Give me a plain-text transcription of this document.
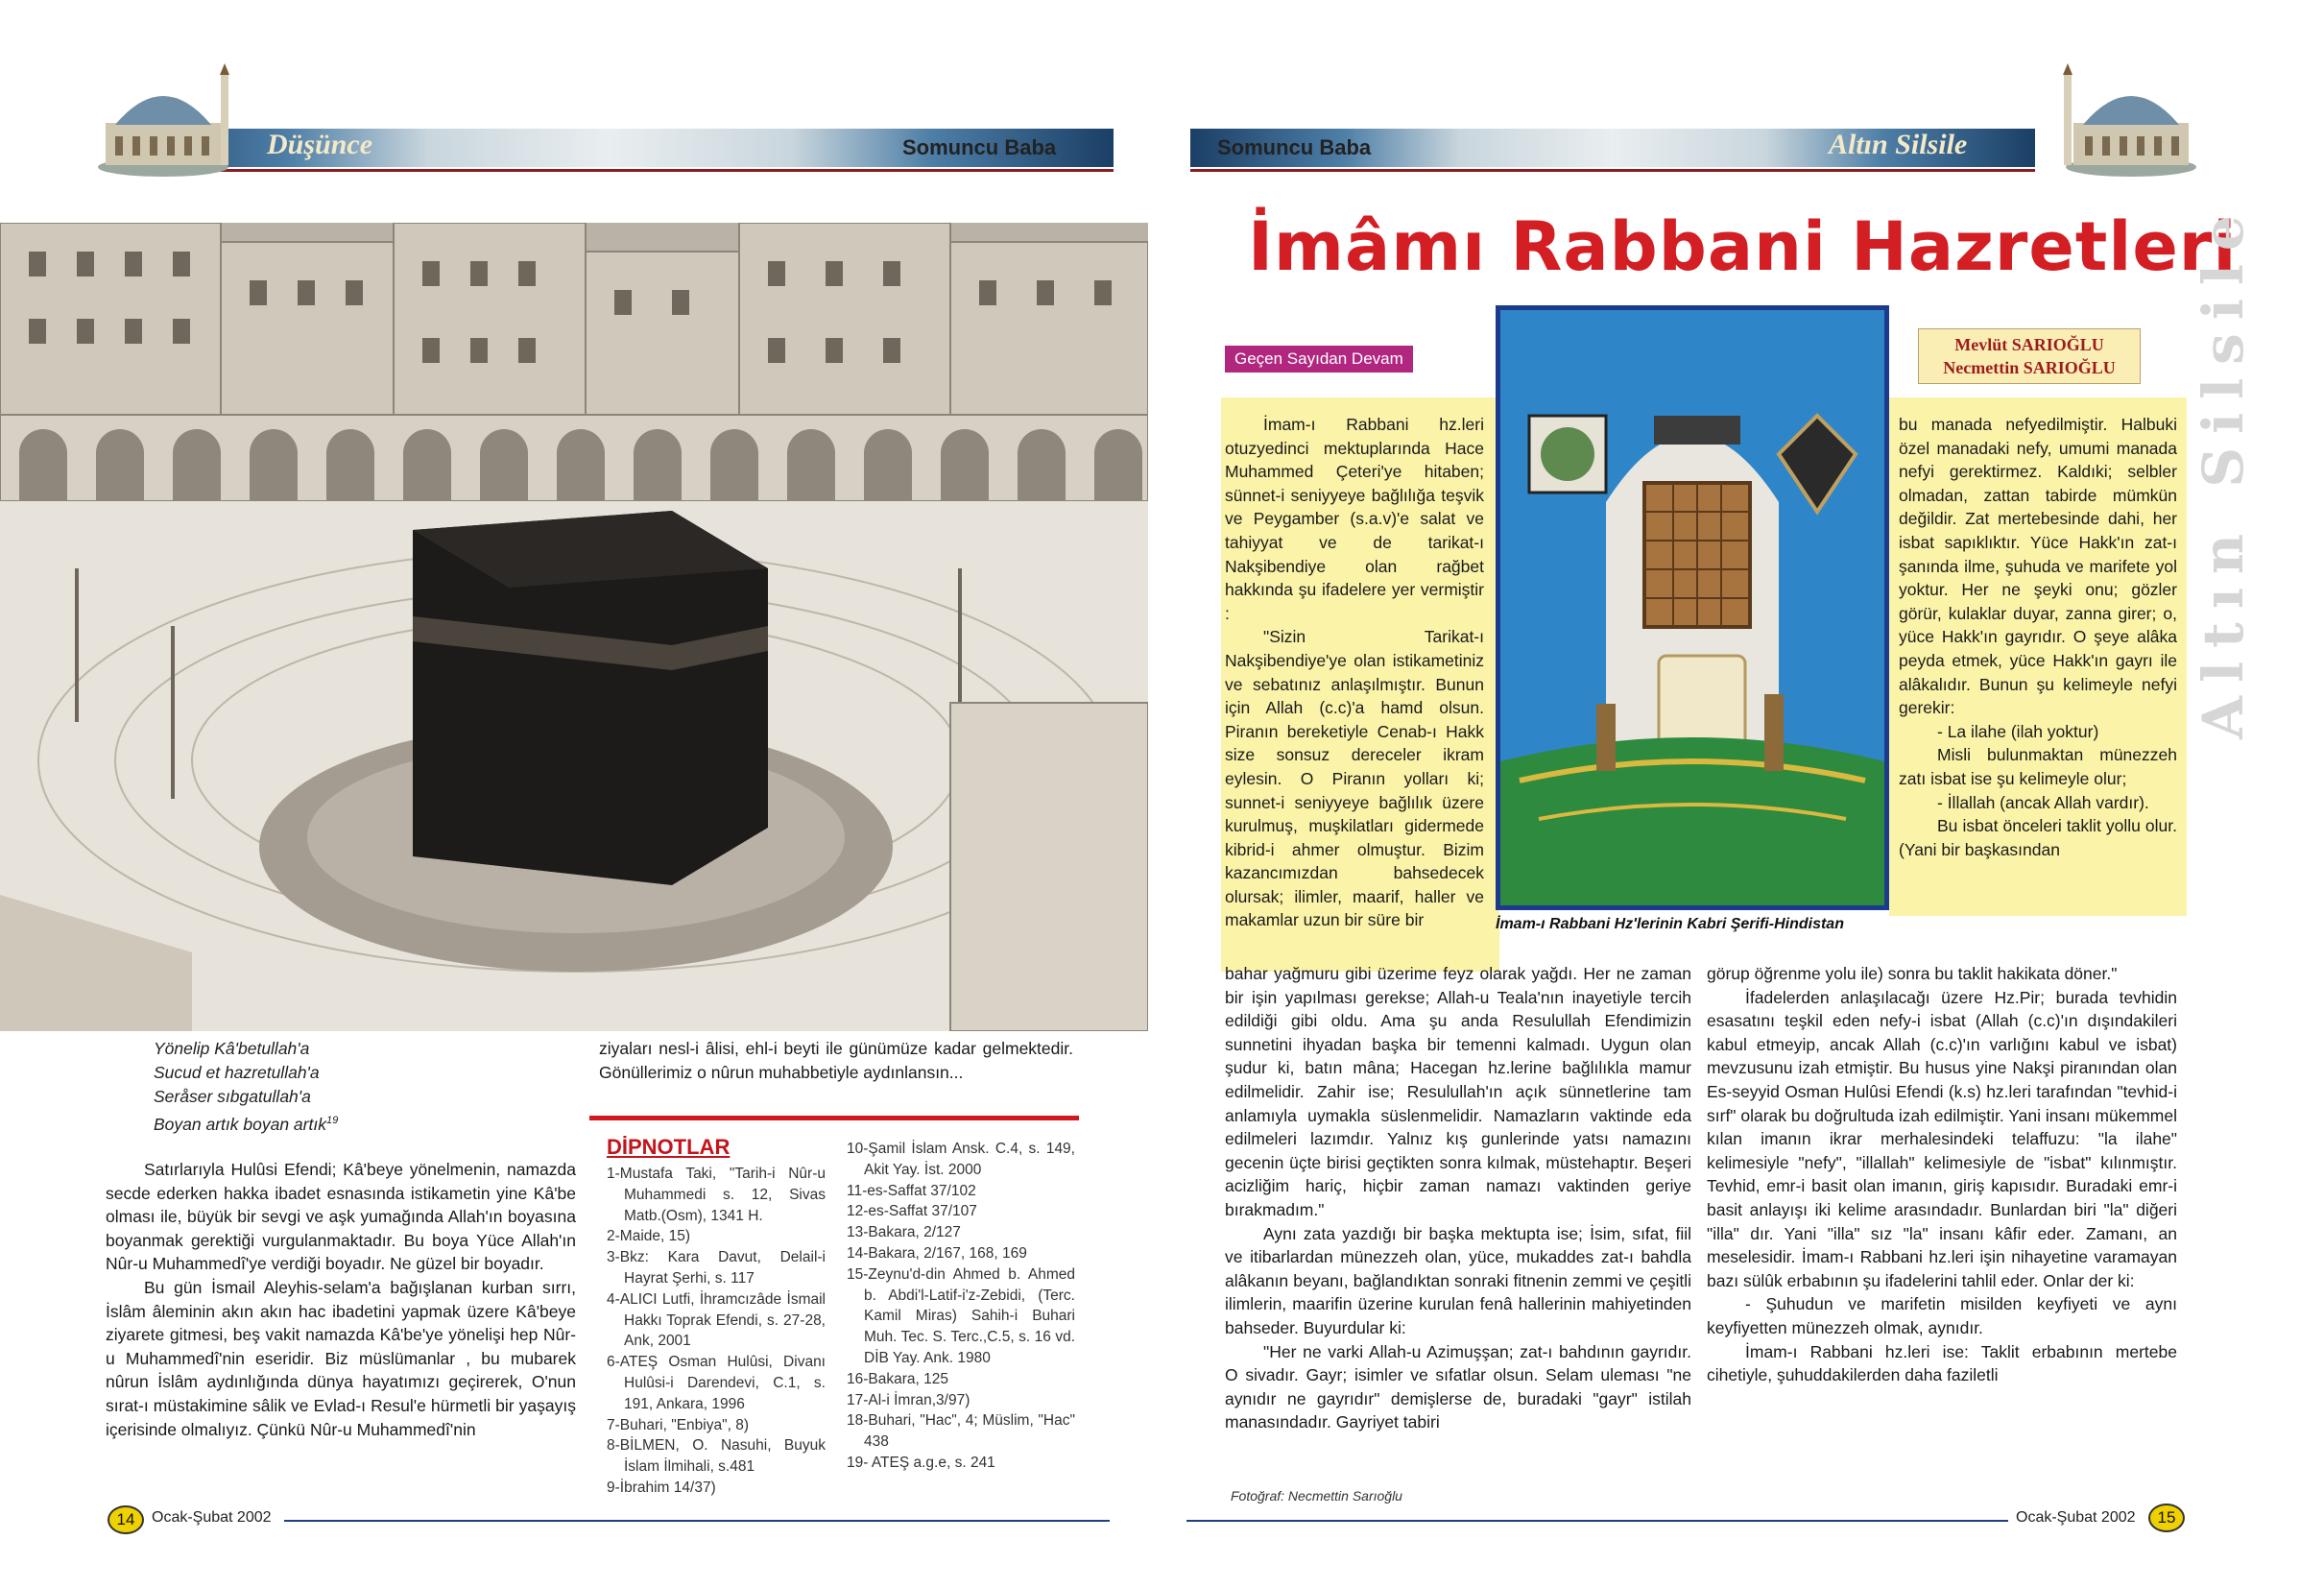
Düşünce	Somuncu Baba	Somuncu Baba	Altın Silsile
Yönelip Kâ'betullah'a
Sucud et hazretullah'a
Seråser sıbgatullah'a
Boyan artık boyan artık$^{19}$

Satırlarıyla Hulûsi Efendi; Kâ'beye yönelmenin, namazda secde ederken hakka ibadet esnasında istikametin yine Kâ'be olması ile, büyük bir sevgi ve aşk yumağında Allah'ın boyasına boyanmak gerektiği vurgulanmaktadır. Bu boya Yüce Allah'ın Nûr-u Muhammedî'ye verdiği boyadır. Ne güzel bir boyadır.

Bu gün İsmail Aleyhis-selam'a bağışlanan kurban sırrı, İslâm âleminin akın akın hac ibadetini yapmak üzere Kâ'beye ziyarete gitmesi, beş vakit namazda Kâ'be'ye yönelişi hep Nûr-u Muhammedî'nin eseridir. Biz müslümanlar , bu mubarek nûrun İslâm aydınlığında dünya hayatımızı geçirerek, O'nun sırat-ı müstakimine sâlik ve Evlad-ı Resul'e hürmetli bir yaşayış içerisinde olmalıyız. Çünkü Nûr-u Muhammedî'nin

ziyaları nesl-i âlisi, ehl-i beyti ile günümüze kadar gelmektedir. Gönüllerimiz o nûrun muhabbetiyle aydınlansın...

DİPNOTLAR
1-Mustafa Taki, "Tarih-i Nûr-u Muhammedi s. 12, Sivas Matb.(Osm), 1341 H.
2-Maide, 15)
3-Bkz: Kara Davut, Delail-i Hayrat Şerhi, s. 117
4-ALICI Lutfi, İhramcızâde İsmail Hakkı Toprak Efendi, s. 27-28, Ank, 2001
6-ATEŞ Osman Hulûsi, Divanı Hulûsi-i Darendevi, C.1, s. 191, Ankara, 1996
7-Buhari, "Enbiya", 8)
8-BİLMEN, O. Nasuhi, Buyuk İslam İlmihali, s.481
9-İbrahim 14/37)
10-Şamil İslam Ansk. C.4, s. 149, Akit Yay. İst. 2000
11-es-Saffat 37/102
12-es-Saffat 37/107
13-Bakara, 2/127
14-Bakara, 2/167, 168, 169
15-Zeynu'd-din Ahmed b. Ahmed b. Abdi'l-Latif-i'z-Zebidi, (Terc. Kamil Miras) Sahih-i Buhari Muh. Tec. S. Terc.,C.5, s. 16 vd. DİB Yay. Ank. 1980
16-Bakara, 125
17-Al-i İmran,3/97)
18-Buhari, "Hac", 4; Müslim, "Hac" 438
19- ATEŞ a.g.e, s. 241
14	Ocak-Şubat 2002
İmâmı Rabbani Hazretleri
Altın Silsile
Geçen Sayıdan Devam
Mevlüt SARIOĞLU
Necmettin SARIOĞLU
İmam-ı Rabbani Hz'lerinin Kabri Şerifi-Hindistan

İmam-ı Rabbani hz.leri otuzyedinci mektuplarında Hace Muhammed Çeteri'ye hitaben; sünnet-i seniyyeye bağlılığa teşvik ve Peygamber (s.a.v)'e salat ve tahiyyat ve de tarikat-ı Nakşibendiye olan rağbet hakkında şu ifadelere yer vermiştir :

"Sizin Tarikat-ı Nakşibendiye'ye olan istikametiniz ve sebatınız anlaşılmıştır. Bunun için Allah (c.c)'a hamd olsun. Piranın bereketiyle Cenab-ı Hakk size sonsuz dereceler ikram eylesin. O Piranın yolları ki; sunnet-i seniyyeye bağlılık üzere kurulmuş, muşkilatları gidermede kibrid-i ahmer olmuştur. Bizim kazancımızdan bahsedecek olursak; ilimler, maarif, haller ve makamlar uzun bir süre bir

bahar yağmuru gibi üzerime feyz olarak yağdı. Her ne zaman bir işin yapılması gerekse; Allah-u Teala'nın inayetiyle tercih edildiği gibi oldu. Ama şu anda Resulullah Efendimizin sunnetini ihyadan başka bir temenni kalmadı. Uygun olan şudur ki, batın mâna; Hacegan hz.lerine bağlılıkla mamur edilmelidir. Zahir ise; Resulullah'ın açık sünnetlerine tam anlamıyla uymakla süslenmelidir. Namazların vaktinde eda edilmeleri lazımdır. Yalnız kış gunlerinde yatsı namazını gecenin üçte birisi geçtikten sonra kılmak, müstehaptır. Beşeri acizliğim hariç, hiçbir zaman namazı vaktinden geriye bırakmadım."

Aynı zata yazdığı bir başka mektupta ise; İsim, sıfat, fiil ve itibarlardan münezzeh olan, yüce, mukaddes zat-ı bahdla alâkanın beyanı, bağlandıktan sonraki fitnenin zemmi ve çeşitli ilimlerin, maarifin üzerine kurulan fenâ hallerinin mahiyetinden bahseder. Buyurdular ki:

"Her ne varki Allah-u Azimuşşan; zat-ı bahdının gayrıdır. O sivadır. Gayr; isimler ve sıfatlar olsun. Selam uleması "ne aynıdır ne gayrıdır" demişlerse de, buradaki "gayr" istilah manasındadır. Gayriyet tabiri

bu manada nefyedilmiştir. Halbuki özel manadaki nefy, umumi manada nefyi gerektirmez. Kaldıki; selbler olmadan, zattan tabirde mümkün değildir. Zat mertebesinde dahi, her isbat sapıklıktır. Yüce Hakk'ın zat-ı şanında ilme, şuhuda ve marifete yol yoktur. Her ne şeyki onu; gözler görür, kulaklar duyar, zanna girer; o, yüce Hakk'ın gayrıdır. O şeye alâka peyda etmek, yüce Hakk'ın gayrı ile alâkalıdır. Bunun şu kelimeyle nefyi gerekir:

- La ilahe (ilah yoktur)

Misli bulunmaktan münezzeh zatı isbat ise şu kelimeyle olur;

- İllallah (ancak Allah vardır).

Bu isbat önceleri taklit yollu olur. (Yani bir başkasından

görup öğrenme yolu ile) sonra bu taklit hakikata döner."

İfadelerden anlaşılacağı üzere Hz.Pir; burada tevhidin esasatını teşkil eden nefy-i isbat (Allah (c.c)'ın dışındakileri kabul etmeyip, ancak Allah (c.c)'ın varlığını kabul ve isbat) mevzusunu izah etmiştir. Bu husus yine Nakşi piranından olan Es-seyyid Osman Hulûsi Efendi (k.s) hz.leri tarafından "tevhid-i sırf" olarak bu doğrultuda izah edilmiştir. Yani insanı mükemmel kılan imanın ikrar merhalesindeki telaffuzu: "la ilahe" kelimesiyle "nefy", "illallah" kelimesiyle de "isbat" kılınmıştır. Tevhid, emr-i basit olan imanın, giriş kapısıdır. Buradaki emr-i basit anlayışı iki kelime arasındadır. Bunlardan biri "la" diğeri "illa" dır. Yani "illa" sız "la" insanı kâfir eder. Zamanı, an meselesidir. İmam-ı Rabbani hz.leri işin nihayetine varamayan bazı sülûk erbabının şu ifadelerini tahlil eder. Onlar der ki:

- Şuhudun ve marifetin misilden keyfiyeti ve aynı keyfiyetten münezzeh olmak, aynıdır.

İmam-ı Rabbani hz.leri ise: Taklit erbabının mertebe cihetiyle, şuhuddakilerden daha faziletli

Fotoğraf: Necmettin Sarıoğlu
Ocak-Şubat 2002	15
